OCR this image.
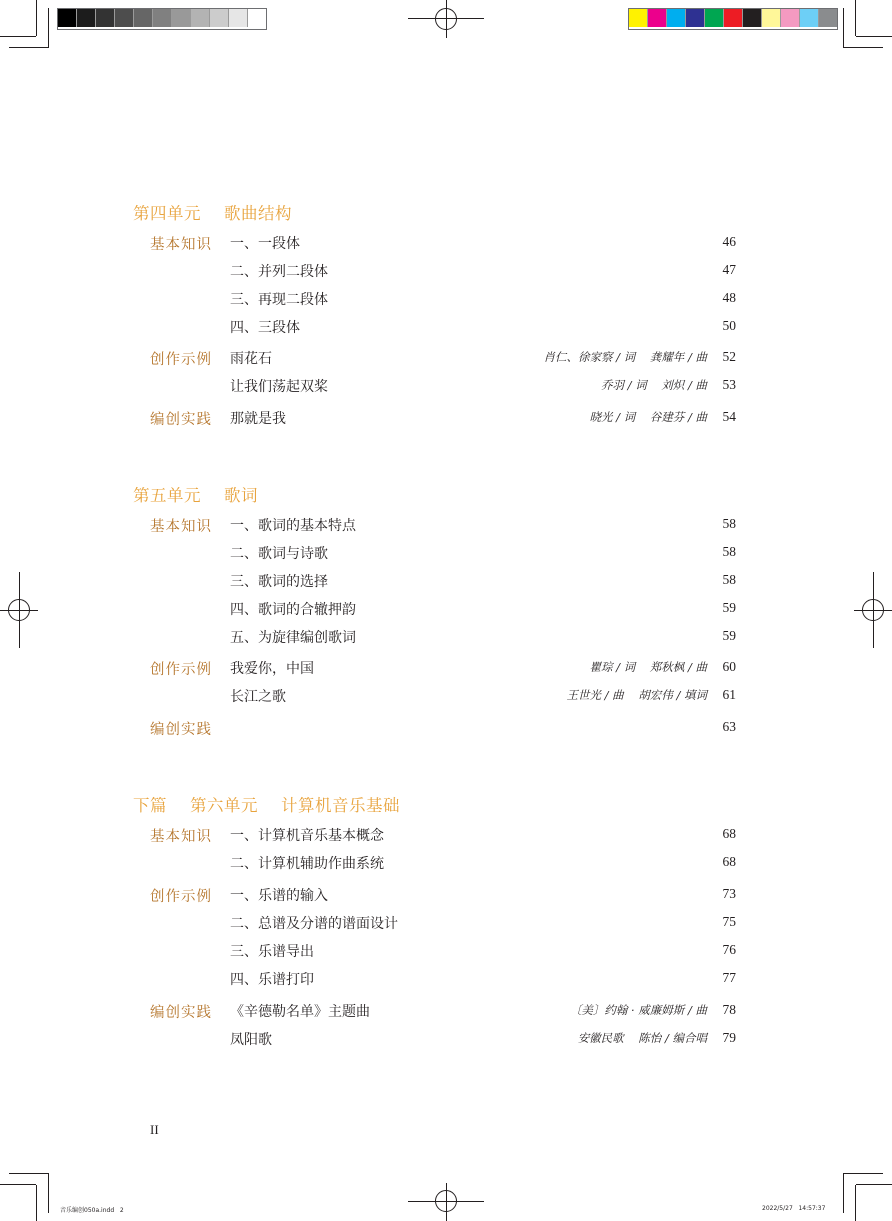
第四单元    歌曲结构
基本知识 一、一段体	46
二、并列二段体	47
三、再现二段体	48
四、三段体	50
创作示例 雨花石	肖仁、徐家察 / 词    龚耀年 / 曲 52
让我们荡起双桨	乔羽 / 词    刘炽 / 曲 53
编创实践 那就是我	晓光 / 词    谷建芬 / 曲 54
第五单元    歌词
基本知识 一、歌词的基本特点	58
二、歌词与诗歌	58
三、歌词的选择	58
四、歌词的合辙押韵	59
五、为旋律编创歌词	59
创作示例 我爱你，中国	瞿琮 / 词    郑秋枫 / 曲 60
长江之歌	王世光 / 曲    胡宏伟 / 填词 61
编创实践	63
下篇    第六单元    计算机音乐基础
基本知识 一、计算机音乐基本概念	68
二、计算机辅助作曲系统	68
创作示例 一、乐谱的输入	73
二、总谱及分谱的谱面设计	75
三、乐谱导出	76
四、乐谱打印	77
编创实践 《辛德勒名单》主题曲	〔美〕约翰 · 威廉姆斯 / 曲 78
凤阳歌	安徽民歌    陈怡 / 编合唱 79
II
音乐编创050a.indd   2	2022/5/27   14:57:37
